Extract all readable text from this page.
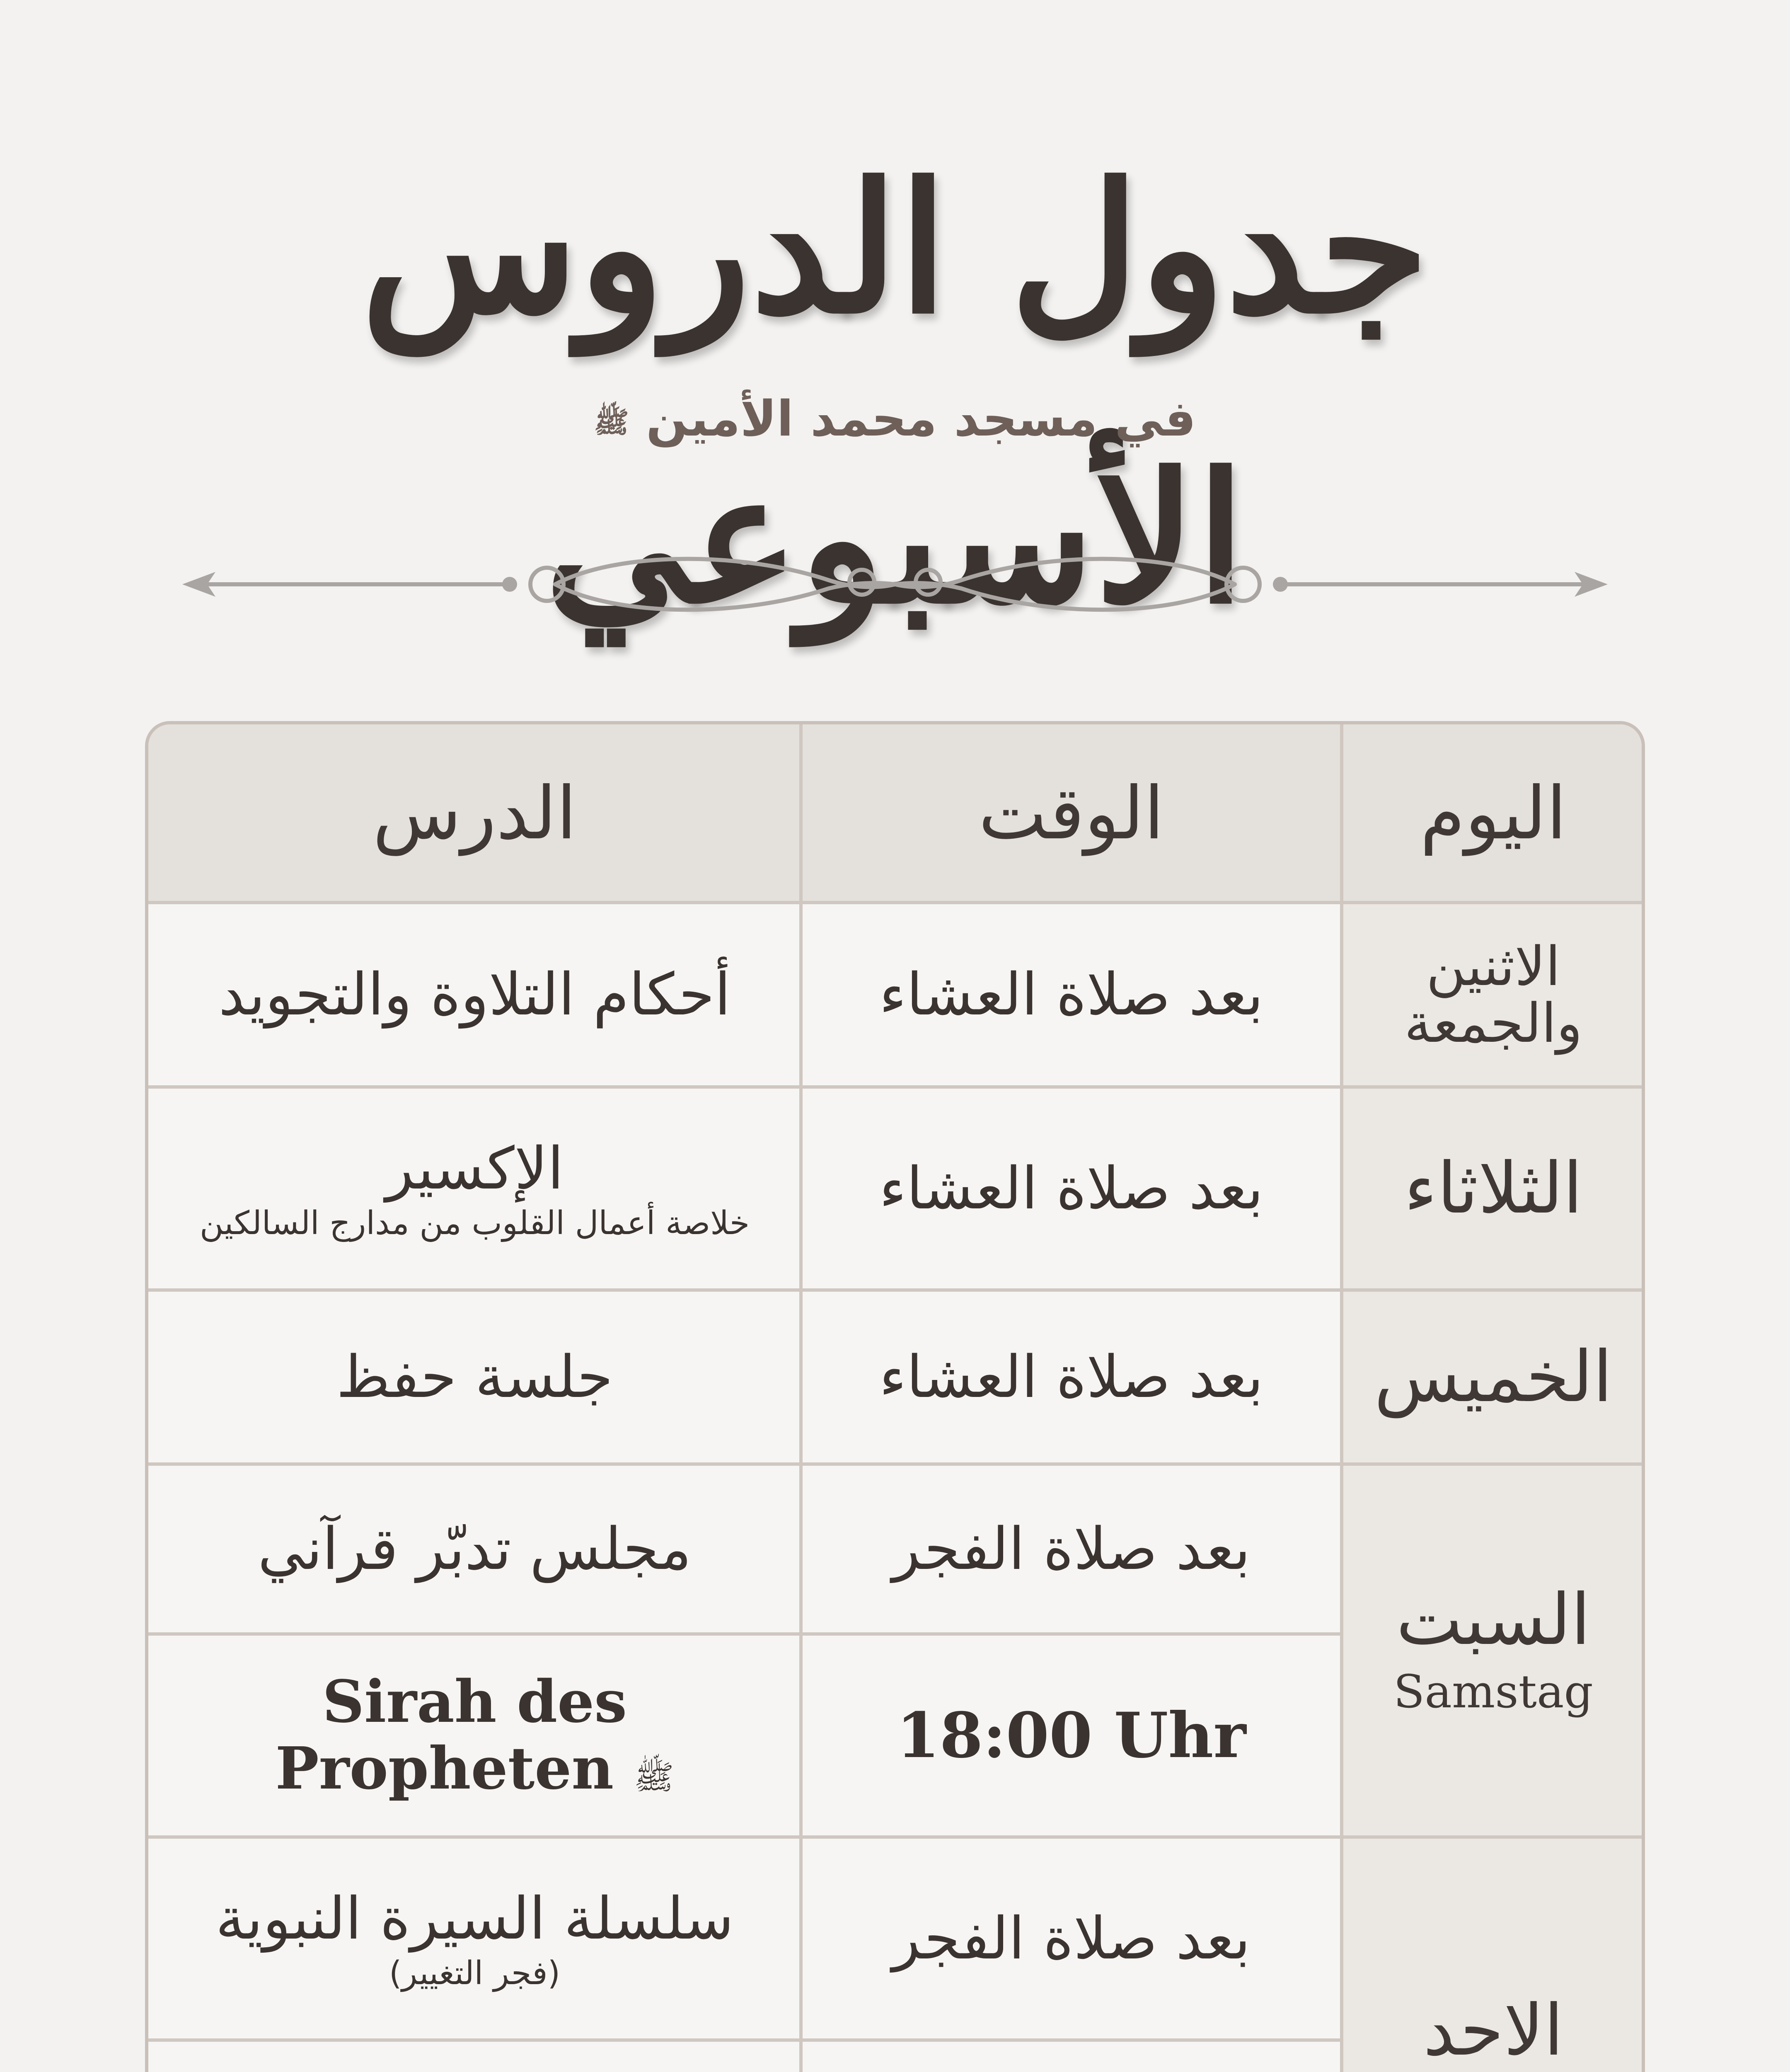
جدول الدروس الأسبوعي
في مسجد محمد الأمين ﷺ
اليوم
الوقت
الدرس
الاثنين والجمعة
الثلاثاء
الخميس
السبت
Samstag
الاحد
بعد صلاة العشاء
بعد صلاة العشاء
بعد صلاة العشاء
بعد صلاة الفجر
18:00 Uhr
بعد صلاة الفجر
أحكام التلاوة والتجويد
الإكسير
خلاصة أعمال القلوب من مدارج السالكين
جلسة حفظ
مجلس تدبّر قرآني
Sirah des
Propheten ﷺ
سلسلة السيرة النبوية
(فجر التغيير)
